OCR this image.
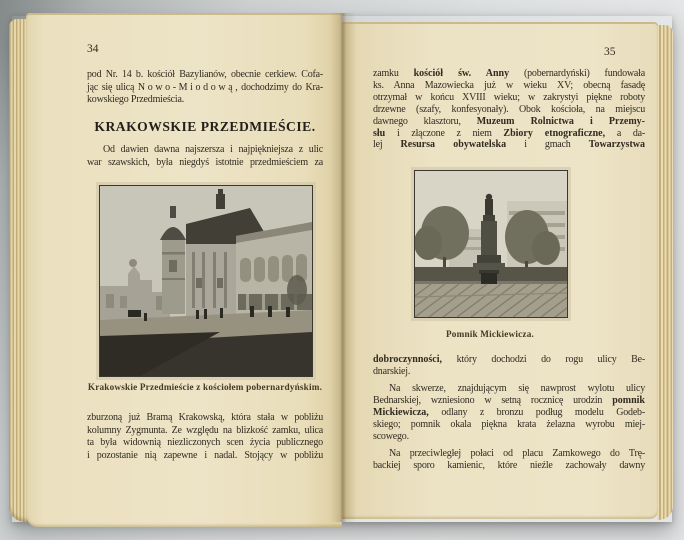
34
pod Nr. 14 b. kościół Bazylianów, obecnie cerkiew. Cofa-
jąc się ulicą Nowo-Miodową, dochodzimy do Kra-
kowskiego Przedmieścia.
KRAKOWSKIE PRZEDMIEŚCIE.
Od dawien dawna najszersza i najpiękniejsza z ulic
war szawskich, była niegdyś istotnie przedmieściem za
Krakowskie Przedmieście z kościołem pobernardyńskim.
zburzoną już Bramą Krakowską, która stała w pobliżu
kolumny Zygmunta. Ze względu na blizkość zamku, ulica
ta była widownią niezliczonych scen życia publicznego
i pozostanie nią zapewne i nadal. Stojący w pobliżu
35
zamku kościół św. Anny (pobernardyński) fundowała
ks. Anna Mazowiecka już w wieku XV; obecną fasadę
otrzymał w końcu XVIII wieku; w zakrystyi piękne roboty
drzewne (szafy, konfesyonały). Obok kościoła, na miejscu
dawnego klasztoru, Muzeum Rolnictwa i Przemy-
słu i złączone z niem Zbiory etnograficzne, a da-
lej Resursa obywatelska i gmach Towarzystwa
Pomnik Mickiewicza.
dobroczynności, który dochodzi do rogu ulicy Be-
dnarskiej.
Na skwerze, znajdującym się nawprost wylotu ulicy
Bednarskiej, wzniesiono w setną rocznicę urodzin pomnik
Mickiewicza, odlany z bronzu podług modelu Godeb-
skiego; pomnik okala piękna krata żelazna wyrobu miej-
scowego.
Na przeciwległej połaci od placu Zamkowego do Trę-
backiej sporo kamienic, które nieźle zachowały dawny
